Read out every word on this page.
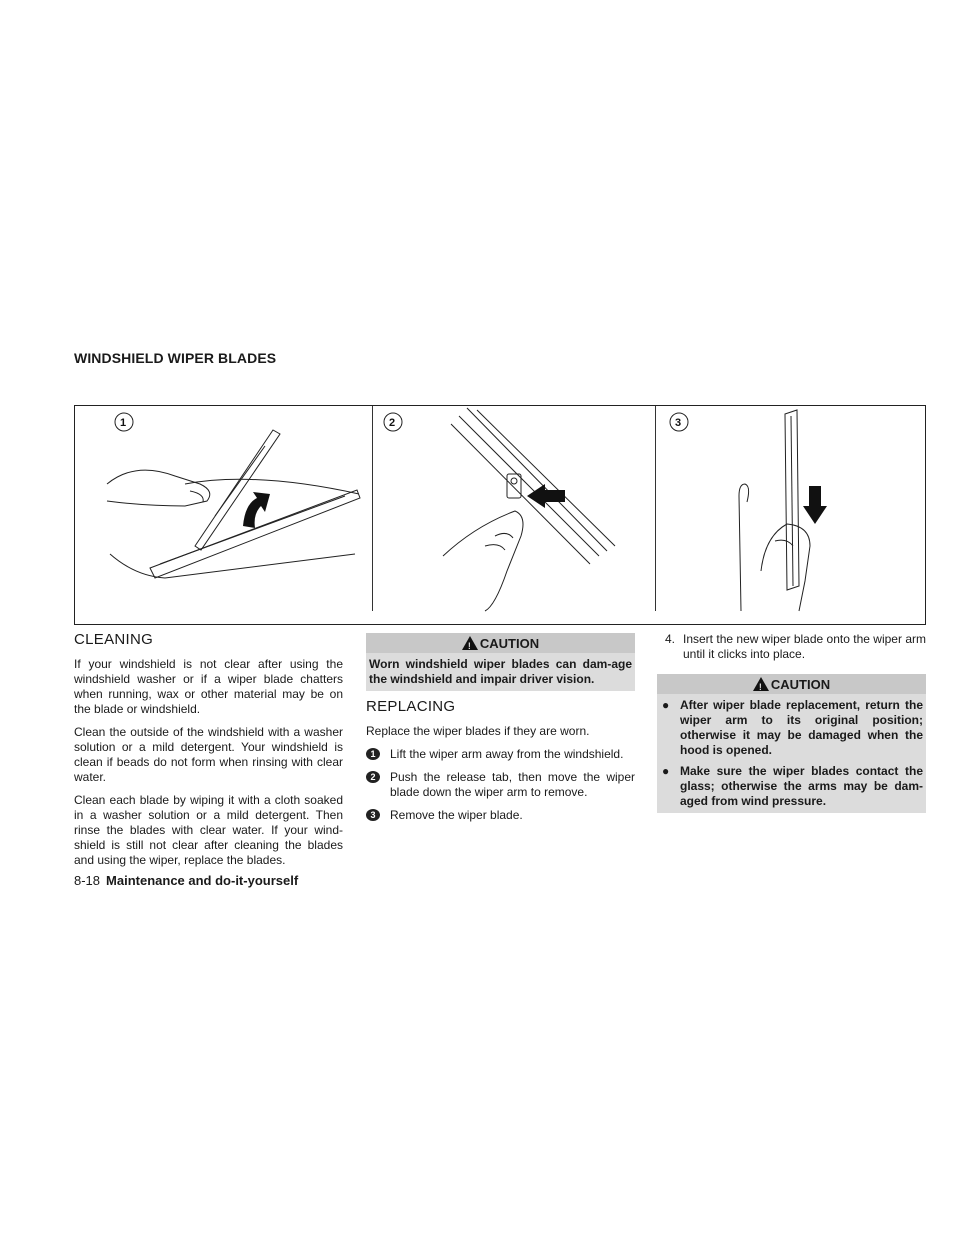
WINDSHIELD WIPER BLADES
1	2	3
CLEANING

If your windshield is not clear after using the windshield washer or if a wiper blade chatters when running, wax or other material may be on the blade or windshield.

Clean the outside of the windshield with a washer solution or a mild detergent. Your windshield is clean if beads do not form when rinsing with clear water.

Clean each blade by wiping it with a cloth soaked in a washer solution or a mild detergent. Then rinse the blades with clear water. If your wind-shield is still not clear after cleaning the blades and using the wiper, replace the blades.

! CAUTION
Worn windshield wiper blades can dam-age the windshield and impair driver vision.
REPLACING

Replace the wiper blades if they are worn.

1	Lift the wiper arm away from the windshield.
2	Push the release tab, then move the wiper blade down the wiper arm to remove.
3	Remove the wiper blade.
4. Insert the new wiper blade onto the wiper arm until it clicks into place.
! CAUTION
● After wiper blade replacement, return the wiper arm to its original position; otherwise it may be damaged when the hood is opened.
● Make sure the wiper blades contact the glass; otherwise the arms may be dam-aged from wind pressure.
8-18 Maintenance and do-it-yourself
